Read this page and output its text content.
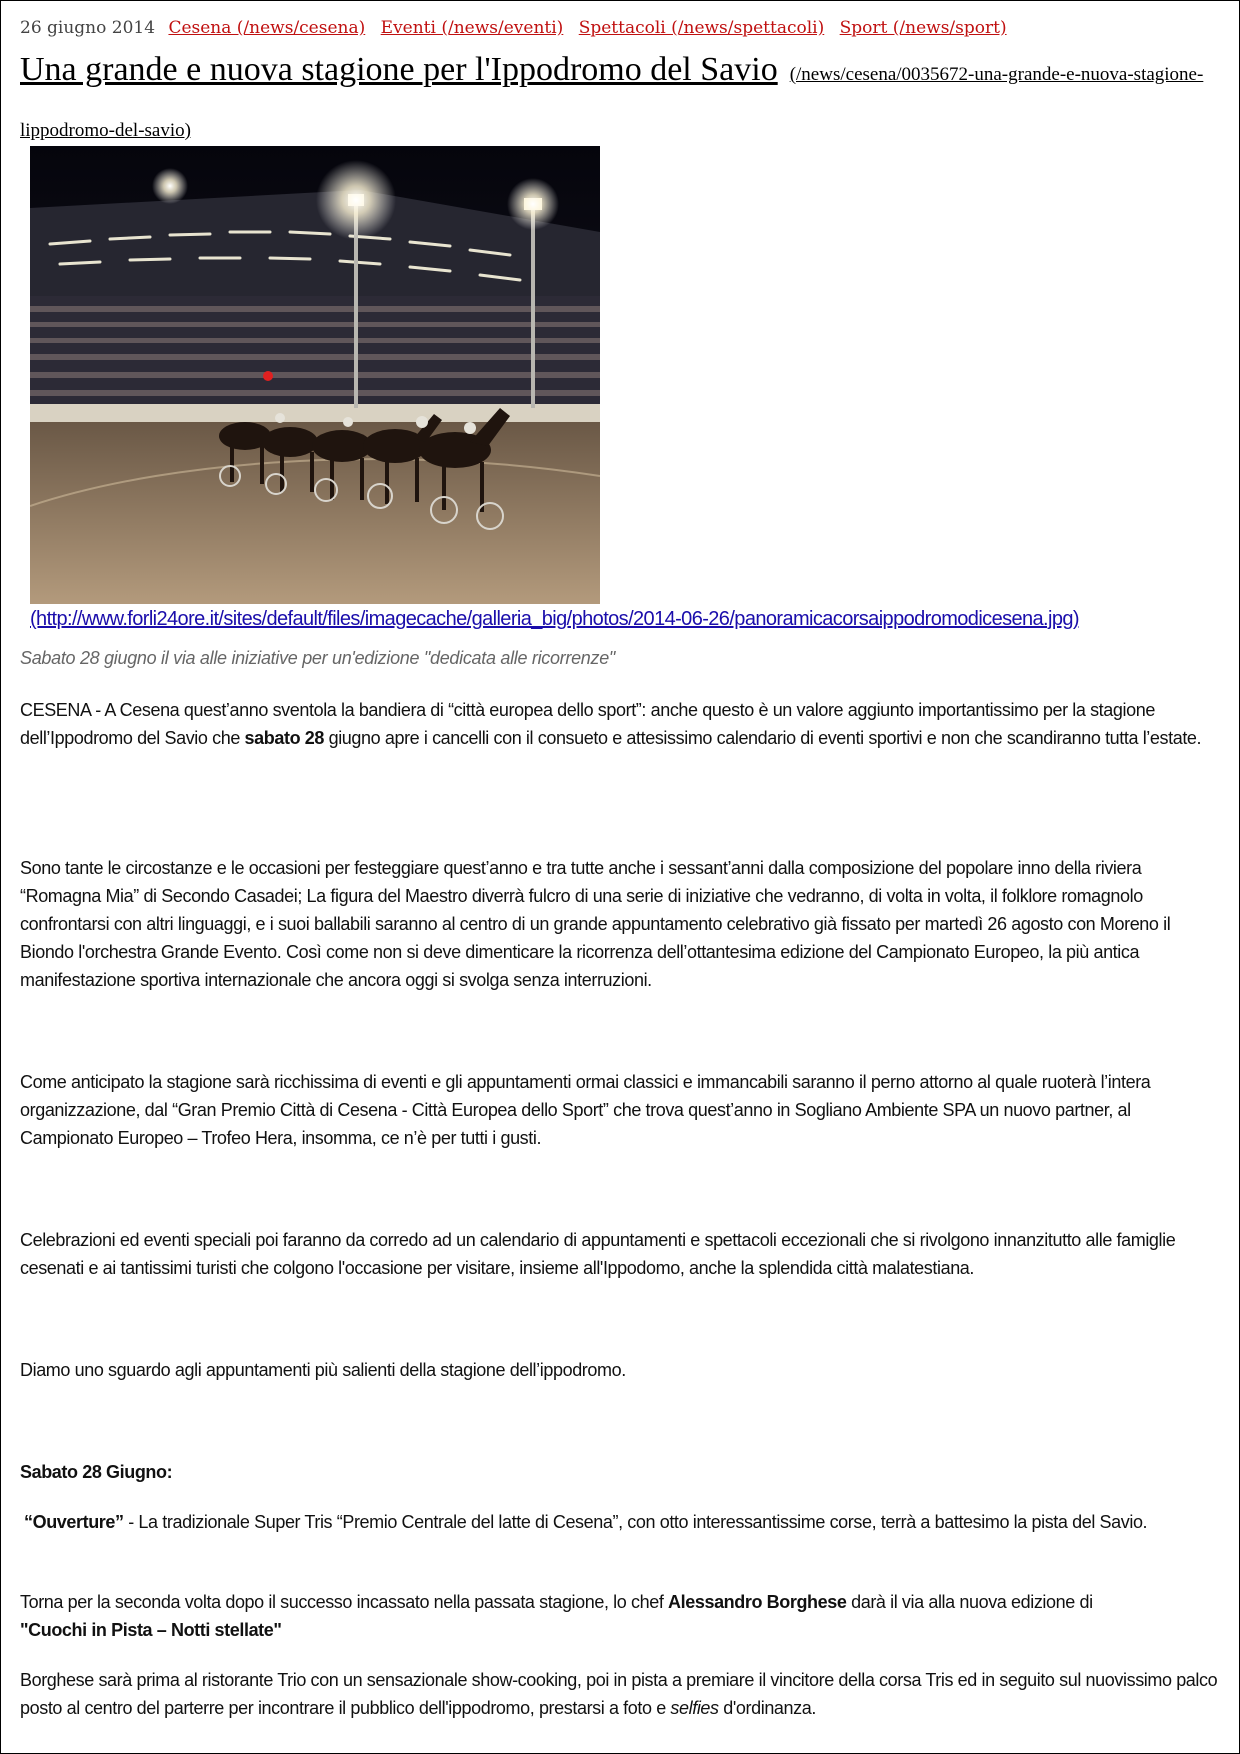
26 giugno 2014 Cesena (/news/cesena) Eventi (/news/eventi) Spettacoli (/news/spettacoli) Sport (/news/sport)
Una grande e nuova stagione per l'Ippodromo del Savio (/news/cesena/0035672-una-grande-e-nuova-stagione-lippodromo-del-savio)
(http://www.forli24ore.it/sites/default/files/imagecache/galleria_big/photos/2014-06-26/panoramicacorsaippodromodicesena.jpg)
Sabato 28 giugno il via alle iniziative per un'edizione "dedicata alle ricorrenze"

CESENA - A Cesena quest’anno sventola la bandiera di “città europea dello sport”: anche questo è un valore aggiunto importantissimo per la stagione dell’Ippodromo del Savio che sabato 28 giugno apre i cancelli con il consueto e attesissimo calendario di eventi sportivi e non che scandiranno tutta l’estate.

Sono tante le circostanze e le occasioni per festeggiare quest’anno e tra tutte anche i sessant’anni dalla composizione del popolare inno della riviera “Romagna Mia” di Secondo Casadei; La figura del Maestro diverrà fulcro di una serie di iniziative che vedranno, di volta in volta, il folklore romagnolo confrontarsi con altri linguaggi, e i suoi ballabili saranno al centro di un grande appuntamento celebrativo già fissato per martedì 26 agosto con Moreno il Biondo l'orchestra Grande Evento. Così come non si deve dimenticare la ricorrenza dell’ottantesima edizione del Campionato Europeo, la più antica manifestazione sportiva internazionale che ancora oggi si svolga senza interruzioni.

Come anticipato la stagione sarà ricchissima di eventi e gli appuntamenti ormai classici e immancabili saranno il perno attorno al quale ruoterà l’intera organizzazione, dal “Gran Premio Città di Cesena - Città Europea dello Sport” che trova quest’anno in Sogliano Ambiente SPA un nuovo partner, al Campionato Europeo – Trofeo Hera, insomma, ce n’è per tutti i gusti.

Celebrazioni ed eventi speciali poi faranno da corredo ad un calendario di appuntamenti e spettacoli eccezionali che si rivolgono innanzitutto alle famiglie cesenati e ai tantissimi turisti che colgono l'occasione per visitare, insieme all'Ippodomo, anche la splendida città malatestiana.

Diamo uno sguardo agli appuntamenti più salienti della stagione dell’ippodromo.

Sabato 28 Giugno:

“Ouverture” - La tradizionale Super Tris “Premio Centrale del latte di Cesena”, con otto interessantissime corse, terrà a battesimo la pista del Savio.

Torna per la seconda volta dopo il successo incassato nella passata stagione, lo chef Alessandro Borghese darà il via alla nuova edizione di
"Cuochi in Pista – Notti stellate"

Borghese sarà prima al ristorante Trio con un sensazionale show-cooking, poi in pista a premiare il vincitore della corsa Tris ed in seguito sul nuovissimo palco posto al centro del parterre per incontrare il pubblico dell'ippodromo, prestarsi a foto e selfies d'ordinanza.
